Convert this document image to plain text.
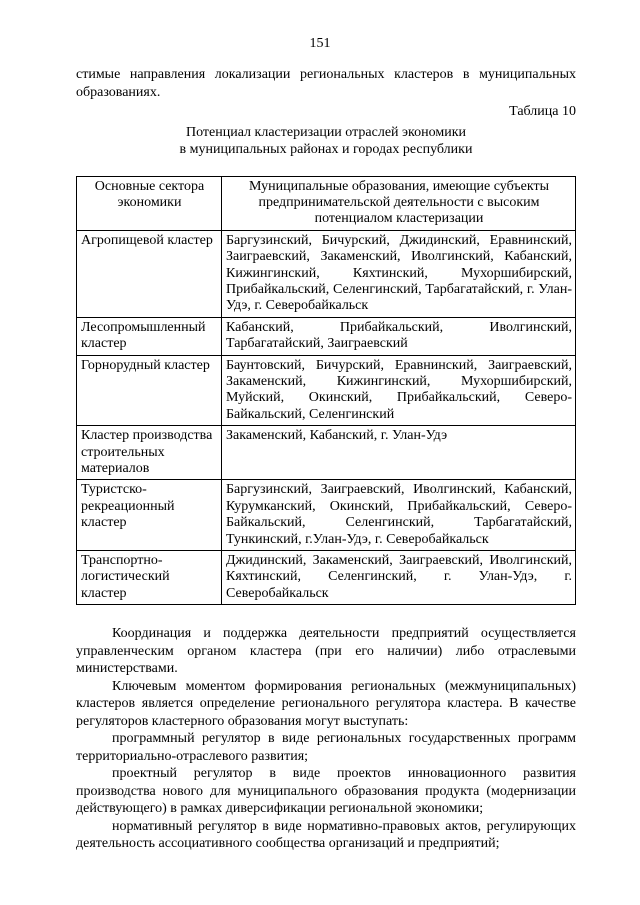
151

стимые направления локализации региональных кластеров в муниципальных образованиях.

Таблица 10

Потенциал кластеризации отраслей экономики
в муниципальных районах и городах республики
Основные сектора экономики	Муниципальные образования, имеющие субъекты предпринимательской деятельности с высоким потенциалом кластеризации
Агропищевой кластер	Баргузинский, Бичурский, Джидинский, Еравнинский, Заиграевский, Закаменский, Иволгинский, Кабанский, Кижингинский, Кяхтинский, Мухоршибирский, Прибайкальский, Селенгинский, Тарбагатайский, г. Улан-Удэ, г. Северобайкальск
Лесопромышленный кластер	Кабанский, Прибайкальский, Иволгинский, Тарбагатайский, Заиграевский
Горнорудный кластер	Баунтовский, Бичурский, Еравнинский, Заиграевский, Закаменский, Кижингинский, Мухоршибирский, Муйский, Окинский, Прибайкальский, Северо-Байкальский, Селенгинский
Кластер производства строительных материалов	Закаменский, Кабанский, г. Улан-Удэ
Туристско-рекреационный кластер	Баргузинский, Заиграевский, Иволгинский, Кабанский, Курумканский, Окинский, Прибайкальский, Северо-Байкальский, Селенгинский, Тарбагатайский, Тункинский, г.Улан-Удэ, г. Северобайкальск
Транспортно-логистический кластер	Джидинский, Закаменский, Заиграевский, Иволгинский, Кяхтинский, Селенгинский, г. Улан-Удэ, г. Северобайкальск

Координация и поддержка деятельности предприятий осуществляется управленческим органом кластера (при его наличии) либо отраслевыми министерствами.

Ключевым моментом формирования региональных (межмуниципальных) кластеров является определение регионального регулятора кластера. В качестве регуляторов кластерного образования могут выступать:

программный регулятор в виде региональных государственных программ территориально-отраслевого развития;

проектный регулятор в виде проектов инновационного развития производства нового для муниципального образования продукта (модернизации действующего) в рамках диверсификации региональной экономики;

нормативный регулятор в виде нормативно-правовых актов, регулирующих деятельность ассоциативного сообщества организаций и предприятий;
